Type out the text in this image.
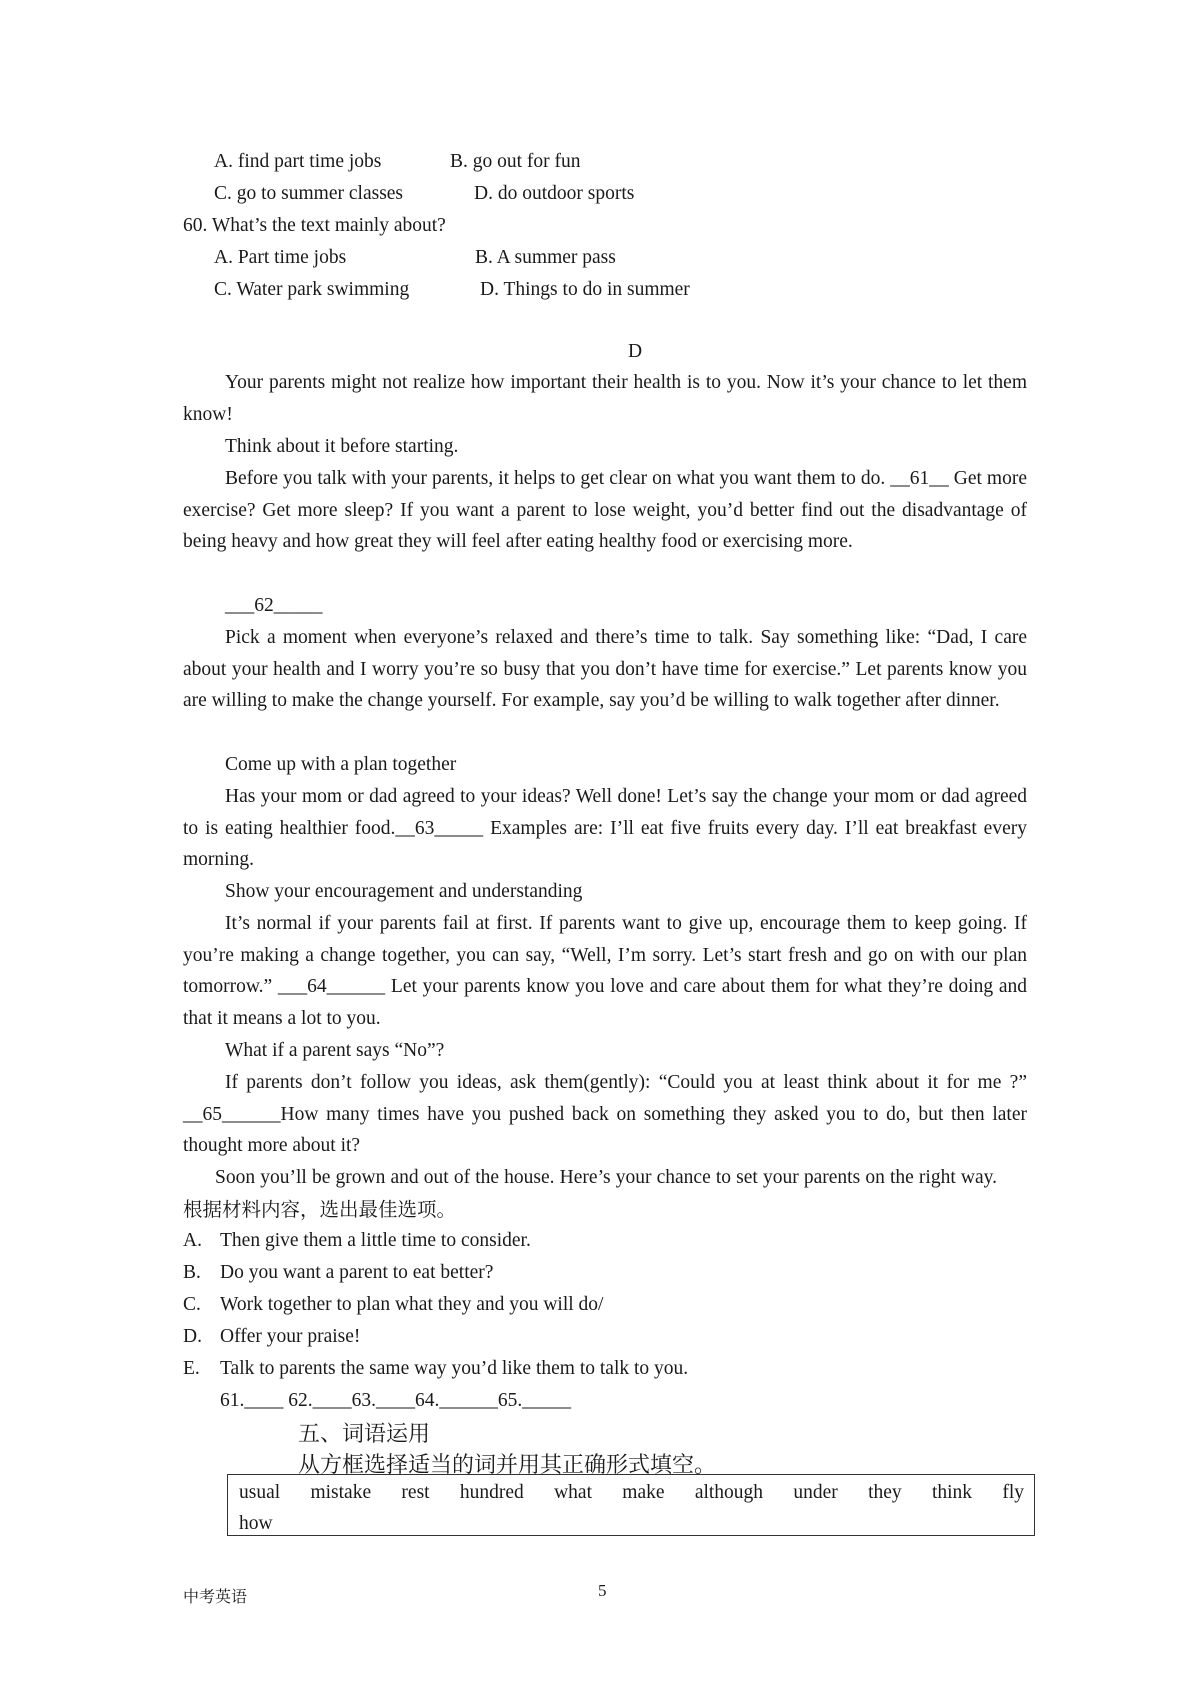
A. find part time jobs	B. go out for fun
C. go to summer classes	D. do outdoor sports
60. What’s the text mainly about?
A. Part time jobs	B. A summer pass
C. Water park swimming	D. Things to do in summer
D
Your parents might not realize how important their health is to you. Now it’s your chance to let them know!
Think about it before starting.
Before you talk with your parents, it helps to get clear on what you want them to do. __61__ Get more exercise? Get more sleep? If you want a parent to lose weight, you’d better find out the disadvantage of being heavy and how great they will feel after eating healthy food or exercising more.
___62_____
Pick a moment when everyone’s relaxed and there’s time to talk. Say something like: “Dad, I care about your health and I worry you’re so busy that you don’t have time for exercise.” Let parents know you are willing to make the change yourself. For example, say you’d be willing to walk together after dinner.
Come up with a plan together
Has your mom or dad agreed to your ideas? Well done! Let’s say the change your mom or dad agreed to is eating healthier food.__63_____ Examples are: I’ll eat five fruits every day. I’ll eat breakfast every morning.
Show your encouragement and understanding
It’s normal if your parents fail at first. If parents want to give up, encourage them to keep going. If you’re making a change together, you can say, “Well, I’m sorry. Let’s start fresh and go on with our plan tomorrow.” ___64______ Let your parents know you love and care about them for what they’re doing and that it means a lot to you.
What if a parent says “No”?
If parents don’t follow you ideas, ask them(gently): “Could you at least think about it for me ?” __65______How many times have you pushed back on something they asked you to do, but then later thought more about it?
Soon you’ll be grown and out of the house. Here’s your chance to set your parents on the right way.根据材料内容，选出最佳选项。
A. Then give them a little time to consider.
B. Do you want a parent to eat better?
C. Work together to plan what they and you will do/
D. Offer your praise!
E. Talk to parents the same way you’d like them to talk to you.
61.____ 62.____63.____64.______65._____
五、词语运用
从方框选择适当的词并用其正确形式填空。
usual mistake rest hundred what make although under they think fly
how
中考英语	5
